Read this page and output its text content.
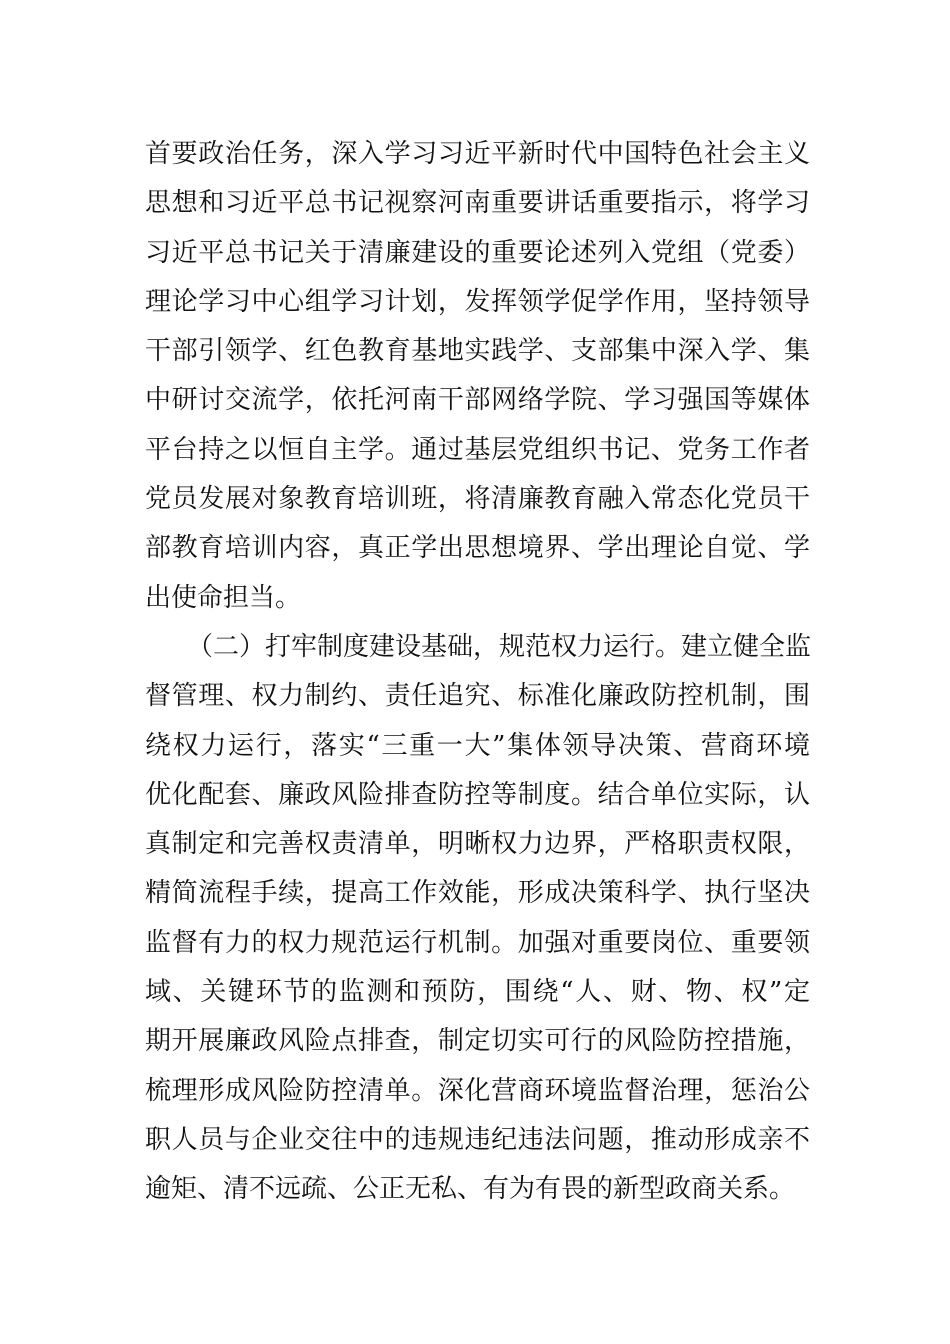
首要政治任务，深入学习习近平新时代中国特色社会主义
思想和习近平总书记视察河南重要讲话重要指示，将学习
习近平总书记关于清廉建设的重要论述列入党组（党委）
理论学习中心组学习计划，发挥领学促学作用，坚持领导
干部引领学、红色教育基地实践学、支部集中深入学、集
中研讨交流学，依托河南干部网络学院、学习强国等媒体
平台持之以恒自主学。通过基层党组织书记、党务工作者
党员发展对象教育培训班，将清廉教育融入常态化党员干
部教育培训内容，真正学出思想境界、学出理论自觉、学
出使命担当。
（二）打牢制度建设基础，规范权力运行。建立健全监
督管理、权力制约、责任追究、标准化廉政防控机制，围
绕权力运行，落实“三重一大”集体领导决策、营商环境
优化配套、廉政风险排查防控等制度。结合单位实际，认
真制定和完善权责清单，明晰权力边界，严格职责权限，
精简流程手续，提高工作效能，形成决策科学、执行坚决
监督有力的权力规范运行机制。加强对重要岗位、重要领
域、关键环节的监测和预防，围绕“人、财、物、权”定
期开展廉政风险点排查，制定切实可行的风险防控措施，
梳理形成风险防控清单。深化营商环境监督治理，惩治公
职人员与企业交往中的违规违纪违法问题，推动形成亲不
逾矩、清不远疏、公正无私、有为有畏的新型政商关系。
